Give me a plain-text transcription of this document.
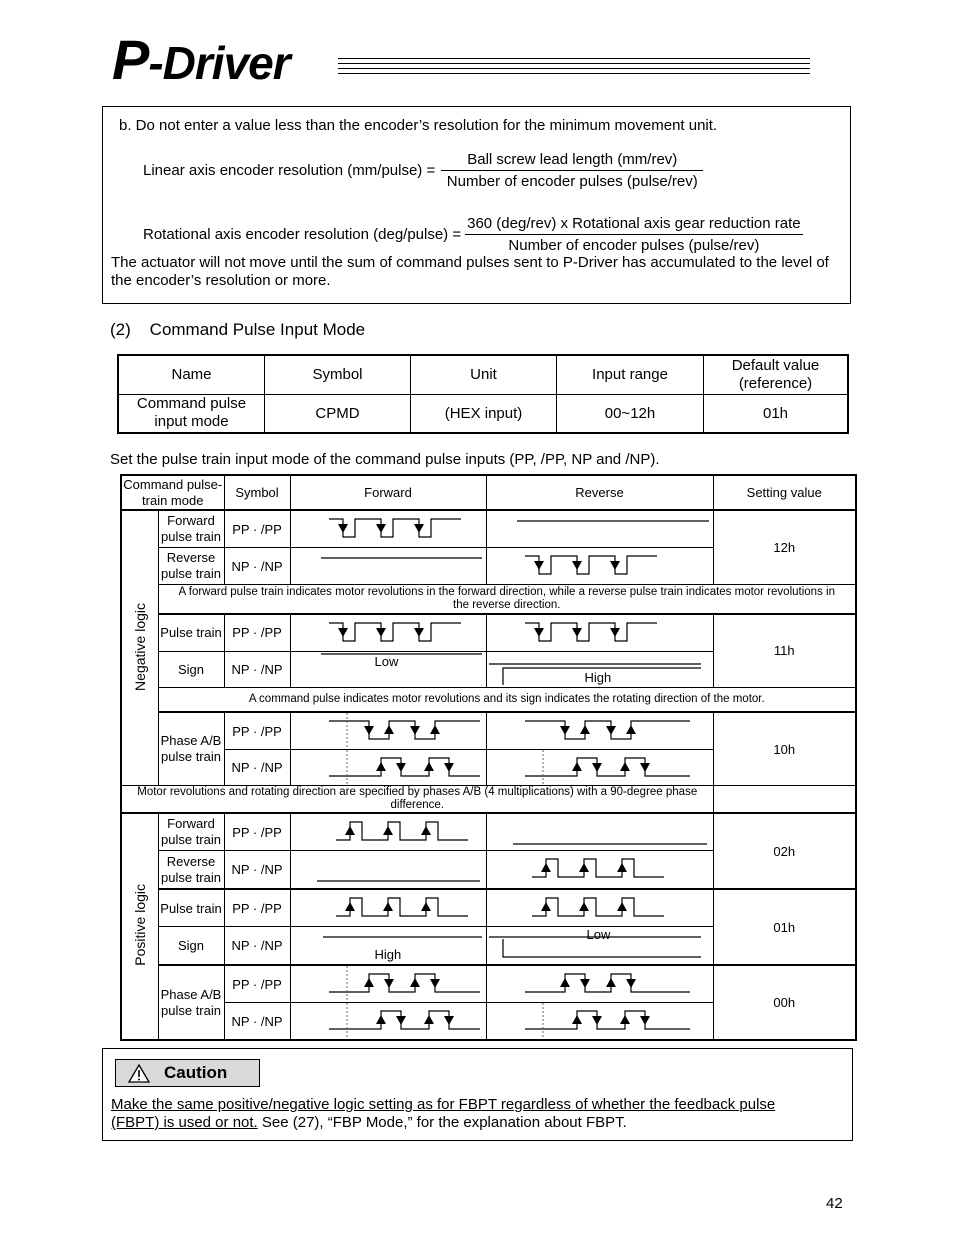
P-Driver
b. Do not enter a value less than the encoder’s resolution for the minimum movement unit.
Linear axis encoder resolution (mm/pulse) = $\frac{\text{Ball screw lead length (mm/rev)}}{\text{Number of encoder pulses (pulse/rev)}}$
Rotational axis encoder resolution (deg/pulse) = $\frac{\text{360 (deg/rev) x Rotational axis gear reduction rate}}{\text{Number of encoder pulses (pulse/rev)}}$
The actuator will not move until the sum of command pulses sent to P-Driver has accumulated to the level of the encoder’s resolution or more.
(2)    Command Pulse Input Mode
Name	Symbol	Unit	Input range	Default value
(reference)
Command pulse input mode	CPMD	(HEX input)	00~12h	01h
Set the pulse train input mode of the command pulse inputs (PP, /PP, NP and /NP).
Command pulse-train mode		Symbol	Forward	Reverse	Setting value
Negative logic	Forward pulse train	PP · /PP			12h
	Reverse pulse train	NP · /NP	

	A forward pulse train indicates motor revolutions in the forward direction, while a reverse pulse train indicates motor revolutions in the reverse direction.				
	Pulse train	PP · /PP			11h
	Sign	NP · /NP	Low	High	

	A command pulse indicates motor revolutions and its sign indicates the rotating direction of the motor.				
	Phase A/B pulse train	PP · /PP			10h
		NP · /NP	

Motor revolutions and rotating direction are specified by phases A/B (4 multiplications) with a 90-degree phase difference.					
Positive logic	Forward pulse train	PP · /PP			02h
	Reverse pulse train	NP · /NP	

	Pulse train	PP · /PP			01h
	Sign	NP · /NP	High	Low	

	Phase A/B pulse train	PP · /PP			00h
		NP · /NP	

Caution
Make the same positive/negative logic setting as for FBPT regardless of whether the feedback pulse (FBPT) is used or not. See (27), “FBP Mode,” for the explanation about FBPT.
42
